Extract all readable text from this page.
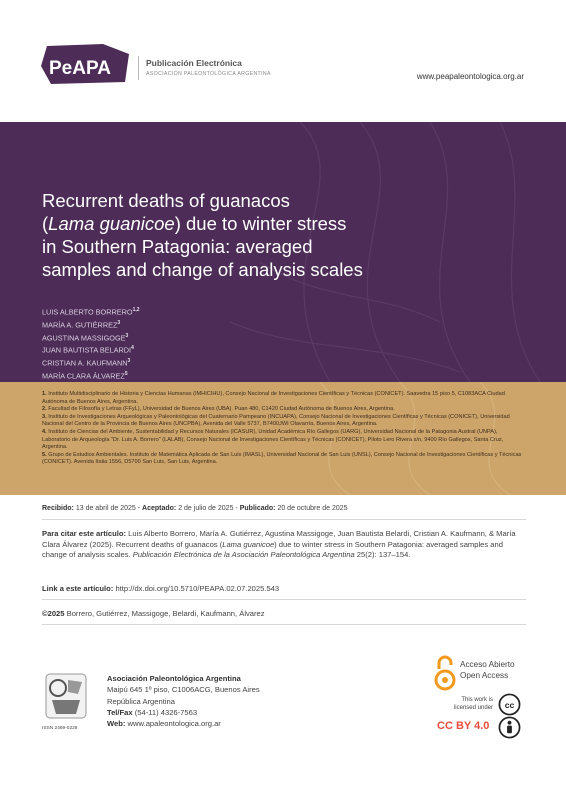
PeAPA	Publicación Electrónica
ASOCIACIÓN PALEONTOLÓGICA ARGENTINA	www.peapaleontologica.org.ar
Recurrent deaths of guanacos
(Lama guanicoe) due to winter stress
in Southern Patagonia: averaged
samples and change of analysis scales
LUIS ALBERTO BORRERO$^{1,2}$
MARÍA A. GUTIÉRREZ$^3$
AGUSTINA MASSIGOGE$^3$
JUAN BAUTISTA BELARDI$^4$
CRISTIAN A. KAUFMANN$^3$
MARÍA CLARA ÁLVAREZ$^5$

1. Instituto Multidisciplinario de Historia y Ciencias Humanas (IMHICIHU), Consejo Nacional de Investigaciones Científicas y Técnicas (CONICET). Saavedra 15 piso 5, C1083ACA Ciudad Autónoma de Buenos Aires, Argentina.

2. Facultad de Filosofía y Letras (FFyL), Universidad de Buenos Aires (UBA). Puan 480, C1420 Ciudad Autónoma de Buenos Aires, Argentina.

3. Instituto de Investigaciones Arqueológicas y Paleontológicas del Cuaternario Pampeano (INCUAPA), Consejo Nacional de Investigaciones Científicas y Técnicas (CONICET), Universidad Nacional del Centro de la Provincia de Buenos Aires (UNCPBA), Avenida del Valle 5737, B7400JWI Olavarría, Buenos Aires, Argentina.

4. Instituto de Ciencias del Ambiente, Sustentabilidad y Recursos Naturales (ICASUR), Unidad Académica Río Gallegos (UARG), Universidad Nacional de la Patagonia Austral (UNPA), Laboratorio de Arqueología "Dr. Luis A. Borrero" (LALAB), Consejo Nacional de Investigaciones Científicas y Técnicas (CONICET), Piloto Lero Rivera s/n, 9400 Río Gallegos, Santa Cruz, Argentina.

5. Grupo de Estudios Ambientales. Instituto de Matemática Aplicada de San Luis (IMASL), Universidad Nacional de San Luis (UNSL), Consejo Nacional de Investigaciones Científicas y Técnicas (CONICET). Avenida Italia 1556, D5700 San Luis, San Luis, Argentina.

Recibido: 13 de abril de 2025 - Aceptado: 2 de julio de 2025 - Publicado: 20 de octubre de 2025
Para citar este artículo: Luis Alberto Borrero, María A. Gutiérrez, Agustina Massigoge, Juan Bautista Belardi, Cristian A. Kaufmann, & María Clara Álvarez (2025). Recurrent deaths of guanacos (Lama guanicoe) due to winter stress in Southern Patagonia: averaged samples and change of analysis scales. Publicación Electrónica de la Asociación Paleontológica Argentina 25(2): 137–154.
Link a este artículo: http://dx.doi.org/10.5710/PEAPA.02.07.2025.543
©2025 Borrero, Gutiérrez, Massigoge, Belardi, Kaufmann, Álvarez
ISSN 2469-0228
Asociación Paleontológica Argentina
Maipú 645 1º piso, C1006ACG, Buenos Aires
República Argentina
Tel/Fax (54-11) 4326-7563
Web: www.apaleontologica.org.ar
Acceso Abierto
Open Access
This work is
licensed under cc
CC BY 4.0
